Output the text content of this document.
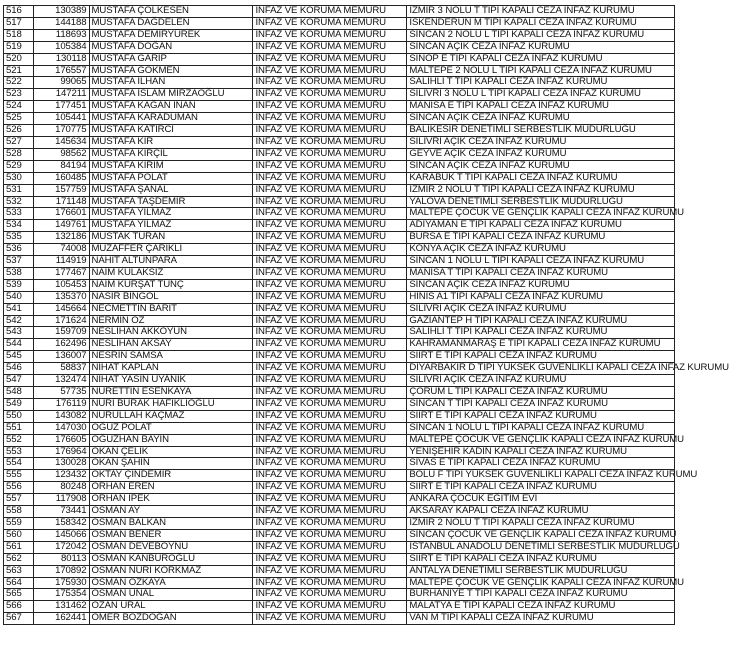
516	130389	MUSTAFA ÇÖLKESEN	İNFAZ VE KORUMA MEMURU	İZMİR 3 NOLU T TİPİ KAPALI CEZA İNFAZ KURUMU
517	144188	MUSTAFA DAĞDELEN	İNFAZ VE KORUMA MEMURU	İSKENDERUN M TİPİ KAPALI CEZA İNFAZ KURUMU
518	118693	MUSTAFA DEMİRYÜREK	İNFAZ VE KORUMA MEMURU	SİNCAN 2 NOLU L TİPİ KAPALI CEZA İNFAZ KURUMU
519	105384	MUSTAFA DOĞAN	İNFAZ VE KORUMA MEMURU	SİNCAN AÇIK CEZA İNFAZ KURUMU
520	130118	MUSTAFA GARİP	İNFAZ VE KORUMA MEMURU	SİNOP E TİPİ KAPALI CEZA İNFAZ KURUMU
521	176557	MUSTAFA GÖKMEN	İNFAZ VE KORUMA MEMURU	MALTEPE 2 NOLU L TİPİ KAPALI CEZA İNFAZ KURUMU
522	99065	MUSTAFA İLHAN	İNFAZ VE KORUMA MEMURU	SALİHLİ T TİPİ KAPALI CEZA İNFAZ KURUMU
523	147211	MUSTAFA İSLAM MİRZAOĞLU	İNFAZ VE KORUMA MEMURU	SİLİVRİ 3 NOLU L TİPİ KAPALI CEZA İNFAZ KURUMU
524	177451	MUSTAFA KAĞAN İNAN	İNFAZ VE KORUMA MEMURU	MANİSA E TİPİ KAPALI CEZA İNFAZ KURUMU
525	105441	MUSTAFA KARADUMAN	İNFAZ VE KORUMA MEMURU	SİNCAN AÇIK CEZA İNFAZ KURUMU
526	170775	MUSTAFA KATIRCI	İNFAZ VE KORUMA MEMURU	BALIKESİR DENETİMLİ SERBESTLİK MÜDÜRLÜĞÜ
527	145634	MUSTAFA KIR	İNFAZ VE KORUMA MEMURU	SİLİVRİ AÇIK CEZA İNFAZ KURUMU
528	98562	MUSTAFA KIRÇIL	İNFAZ VE KORUMA MEMURU	GEYVE AÇIK CEZA İNFAZ KURUMU
529	84194	MUSTAFA KIRIM	İNFAZ VE KORUMA MEMURU	SİNCAN AÇIK CEZA İNFAZ KURUMU
530	160485	MUSTAFA POLAT	İNFAZ VE KORUMA MEMURU	KARABÜK T TİPİ KAPALI CEZA İNFAZ KURUMU
531	157759	MUSTAFA ŞANAL	İNFAZ VE KORUMA MEMURU	İZMİR 2 NOLU T TİPİ KAPALI CEZA İNFAZ KURUMU
532	171148	MUSTAFA TAŞDEMİR	İNFAZ VE KORUMA MEMURU	YALOVA DENETİMLİ SERBESTLİK MÜDÜRLÜĞÜ
533	176601	MUSTAFA YILMAZ	İNFAZ VE KORUMA MEMURU	MALTEPE ÇOCUK VE GENÇLİK KAPALI CEZA İNFAZ KURUMU
534	149761	MUSTAFA YILMAZ	İNFAZ VE KORUMA MEMURU	ADIYAMAN E TİPİ KAPALI CEZA İNFAZ KURUMU
535	132186	MUSTAK TURAN	İNFAZ VE KORUMA MEMURU	BURSA E TİPİ KAPALI CEZA İNFAZ KURUMU
536	74008	MUZAFFER ÇARIKLI	İNFAZ VE KORUMA MEMURU	KONYA AÇIK CEZA İNFAZ KURUMU
537	114919	NAHİT ALTUNPARA	İNFAZ VE KORUMA MEMURU	SİNCAN 1 NOLU L TİPİ KAPALI CEZA İNFAZ KURUMU
538	177467	NAİM KULAKSIZ	İNFAZ VE KORUMA MEMURU	MANİSA T TİPİ KAPALI CEZA İNFAZ KURUMU
539	105453	NAİM KÜRŞAT TÜNÇ	İNFAZ VE KORUMA MEMURU	SİNCAN AÇIK CEZA İNFAZ KURUMU
540	135370	NASIR BİNGÖL	İNFAZ VE KORUMA MEMURU	HINIS A1 TİPİ KAPALI CEZA İNFAZ KURUMU
541	145664	NECMETTİN BARIT	İNFAZ VE KORUMA MEMURU	SİLİVRİ AÇIK CEZA İNFAZ KURUMU
542	171624	NERMİN ÖZ	İNFAZ VE KORUMA MEMURU	GAZİANTEP H TİPİ KAPALI CEZA İNFAZ KURUMU
543	159709	NESLİHAN AKKOYUN	İNFAZ VE KORUMA MEMURU	SALİHLİ T TİPİ KAPALI CEZA İNFAZ KURUMU
544	162496	NESLİHAN AKSAY	İNFAZ VE KORUMA MEMURU	KAHRAMANMARAŞ E TİPİ KAPALI CEZA İNFAZ KURUMU
545	136007	NESRİN SAMSA	İNFAZ VE KORUMA MEMURU	SİİRT E TİPİ KAPALI CEZA İNFAZ KURUMU
546	58837	NİHAT KAPLAN	İNFAZ VE KORUMA MEMURU	DİYARBAKIR D TİPİ YÜKSEK GÜVENLİKLİ KAPALI CEZA İNFAZ KURUMU
547	132474	NİHAT YASİN UYANIK	İNFAZ VE KORUMA MEMURU	SİLİVRİ AÇIK CEZA İNFAZ KURUMU
548	57735	NURETTİN ESENKAYA	İNFAZ VE KORUMA MEMURU	ÇORUM L TİPİ KAPALI CEZA İNFAZ KURUMU
549	176119	NURİ BURAK HAFIKLIOĞLU	İNFAZ VE KORUMA MEMURU	SİNCAN T TİPİ KAPALI CEZA İNFAZ KURUMU
550	143082	NURULLAH KAÇMAZ	İNFAZ VE KORUMA MEMURU	SİİRT E TİPİ KAPALI CEZA İNFAZ KURUMU
551	147030	OĞUZ POLAT	İNFAZ VE KORUMA MEMURU	SİNCAN 1 NOLU L TİPİ KAPALI CEZA İNFAZ KURUMU
552	176605	OĞUZHAN BAYIN	İNFAZ VE KORUMA MEMURU	MALTEPE ÇOCUK VE GENÇLİK KAPALI CEZA İNFAZ KURUMU
553	176964	OKAN ÇELİK	İNFAZ VE KORUMA MEMURU	YENİŞEHİR KADIN KAPALI CEZA İNFAZ KURUMU
554	130028	OKAN ŞAHİN	İNFAZ VE KORUMA MEMURU	SİVAS E TİPİ KAPALI CEZA İNFAZ KURUMU
555	123432	OKTAY ÇİNDEMİR	İNFAZ VE KORUMA MEMURU	BOLU F TİPİ YÜKSEK GÜVENLİKLİ KAPALI CEZA İNFAZ KURUMU
556	80248	ORHAN EREN	İNFAZ VE KORUMA MEMURU	SİİRT E TİPİ KAPALI CEZA İNFAZ KURUMU
557	117908	ORHAN İPEK	İNFAZ VE KORUMA MEMURU	ANKARA ÇOCUK EĞİTİM EVİ
558	73441	OSMAN AY	İNFAZ VE KORUMA MEMURU	AKSARAY KAPALI CEZA İNFAZ KURUMU
559	158342	OSMAN BALKAN	İNFAZ VE KORUMA MEMURU	İZMİR 2 NOLU T TİPİ KAPALI CEZA İNFAZ KURUMU
560	145066	OSMAN BENER	İNFAZ VE KORUMA MEMURU	SİNCAN ÇOCUK VE GENÇLİK KAPALI CEZA İNFAZ KURUMU
561	172042	OSMAN DEVEBOYNU	İNFAZ VE KORUMA MEMURU	İSTANBUL ANADOLU DENETİMLİ SERBESTLİK MÜDÜRLÜĞÜ
562	80113	OSMAN KANBUROĞLU	İNFAZ VE KORUMA MEMURU	SİİRT E TİPİ KAPALI CEZA İNFAZ KURUMU
563	170892	OSMAN NURİ KORKMAZ	İNFAZ VE KORUMA MEMURU	ANTALYA DENETİMLİ SERBESTLİK MÜDÜRLÜĞÜ
564	175930	OSMAN ÖZKAYA	İNFAZ VE KORUMA MEMURU	MALTEPE ÇOCUK VE GENÇLİK KAPALI CEZA İNFAZ KURUMU
565	175354	OSMAN ÜNAL	İNFAZ VE KORUMA MEMURU	BURHANİYE T TİPİ KAPALI CEZA İNFAZ KURUMU
566	131462	OZAN URAL	İNFAZ VE KORUMA MEMURU	MALATYA E TİPİ KAPALI CEZA İNFAZ KURUMU
567	162441	ÖMER BOZDOĞAN	İNFAZ VE KORUMA MEMURU	VAN M TİPİ KAPALI CEZA İNFAZ KURUMU
